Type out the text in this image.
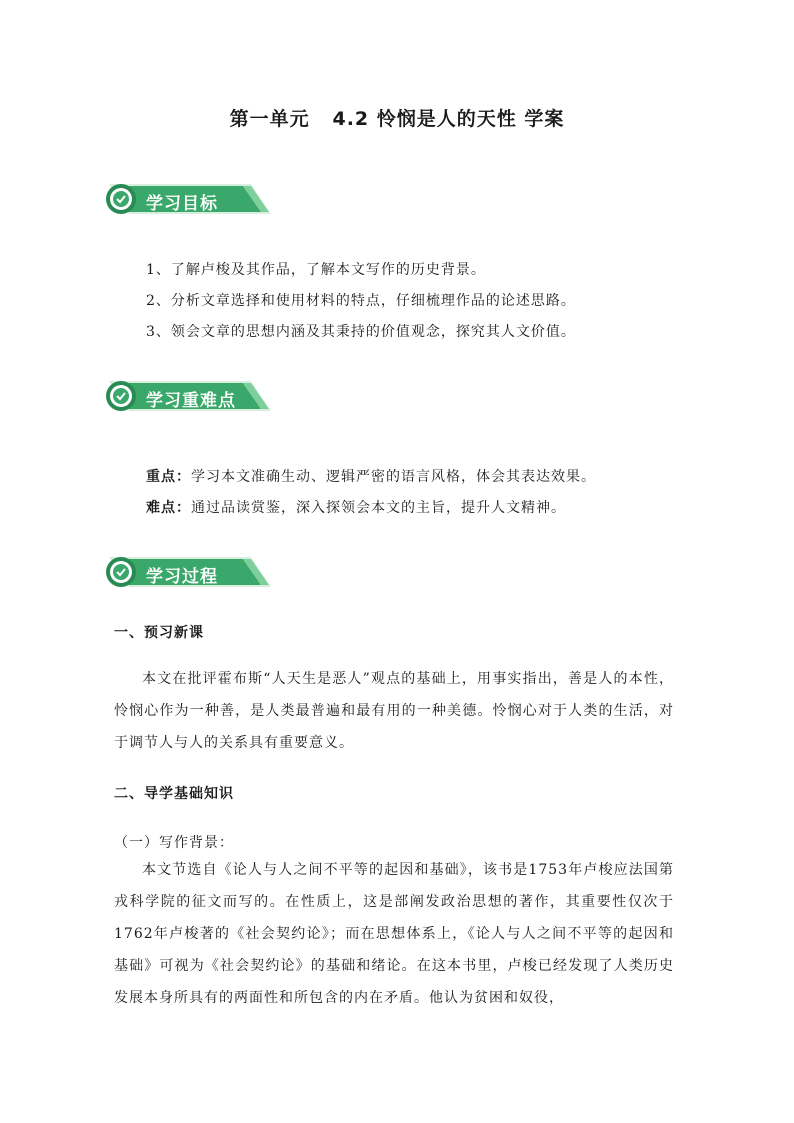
第一单元   4.2 怜悯是人的天性 学案
学习目标
1、了解卢梭及其作品，了解本文写作的历史背景。
2、分析文章选择和使用材料的特点，仔细梳理作品的论述思路。
3、领会文章的思想内涵及其秉持的价值观念，探究其人文价值。
学习重难点
重点：学习本文准确生动、逻辑严密的语言风格，体会其表达效果。
难点：通过品读赏鉴，深入探领会本文的主旨，提升人文精神。
学习过程
一、预习新课

本文在批评霍布斯“人天生是恶人”观点的基础上，用事实指出，善是人的本性，怜悯心作为一种善，是人类最普遍和最有用的一种美德。怜悯心对于人类的生活，对于调节人与人的关系具有重要意义。

二、导学基础知识
（一）写作背景：

本文节选自《论人与人之间不平等的起因和基础》，该书是1753年卢梭应法国第戎科学院的征文而写的。在性质上，这是部阐发政治思想的著作，其重要性仅次于1762年卢梭著的《社会契约论》；而在思想体系上，《论人与人之间不平等的起因和基础》可视为《社会契约论》的基础和绪论。在这本书里，卢梭已经发现了人类历史发展本身所具有的两面性和所包含的内在矛盾。他认为贫困和奴役，
